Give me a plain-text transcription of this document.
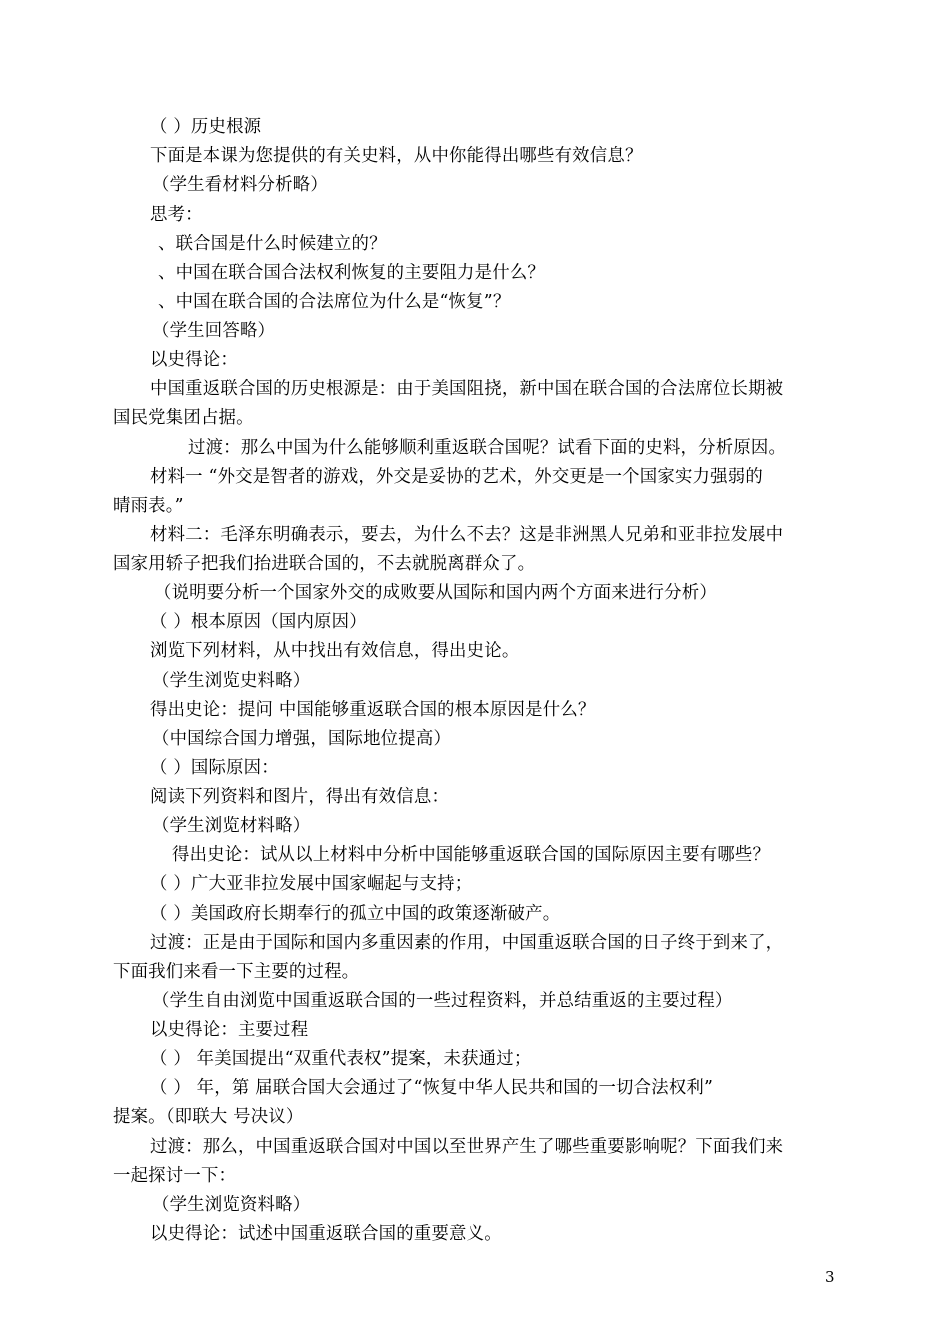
（ ）历史根源
下面是本课为您提供的有关史料，从中你能得出哪些有效信息？
（学生看材料分析略）
思考：
、联合国是什么时候建立的？
、中国在联合国合法权利恢复的主要阻力是什么？
、中国在联合国的合法席位为什么是“恢复”？
（学生回答略）
以史得论：
中国重返联合国的历史根源是：由于美国阻挠，新中国在联合国的合法席位长期被
国民党集团占据。
过渡：那么中国为什么能够顺利重返联合国呢？试看下面的史料，分析原因。
材料一 “外交是智者的游戏，外交是妥协的艺术，外交更是一个国家实力强弱的
晴雨表。”
材料二：毛泽东明确表示，要去，为什么不去？这是非洲黑人兄弟和亚非拉发展中
国家用轿子把我们抬进联合国的，不去就脱离群众了。
（说明要分析一个国家外交的成败要从国际和国内两个方面来进行分析）
（ ）根本原因（国内原因）
浏览下列材料，从中找出有效信息，得出史论。
（学生浏览史料略）
得出史论：提问 中国能够重返联合国的根本原因是什么？
（中国综合国力增强，国际地位提高）
（ ）国际原因：
阅读下列资料和图片，得出有效信息：
（学生浏览材料略）
得出史论：试从以上材料中分析中国能够重返联合国的国际原因主要有哪些？
（ ）广大亚非拉发展中国家崛起与支持；
（ ）美国政府长期奉行的孤立中国的政策逐渐破产。
过渡：正是由于国际和国内多重因素的作用，中国重返联合国的日子终于到来了，
下面我们来看一下主要的过程。
（学生自由浏览中国重返联合国的一些过程资料，并总结重返的主要过程）
以史得论：主要过程
（ ） 年美国提出“双重代表权”提案，未获通过；
（ ） 年，第 届联合国大会通过了“恢复中华人民共和国的一切合法权利”
提案。（即联大 号决议）
过渡：那么，中国重返联合国对中国以至世界产生了哪些重要影响呢？下面我们来
一起探讨一下：
（学生浏览资料略）
以史得论：试述中国重返联合国的重要意义。
3
